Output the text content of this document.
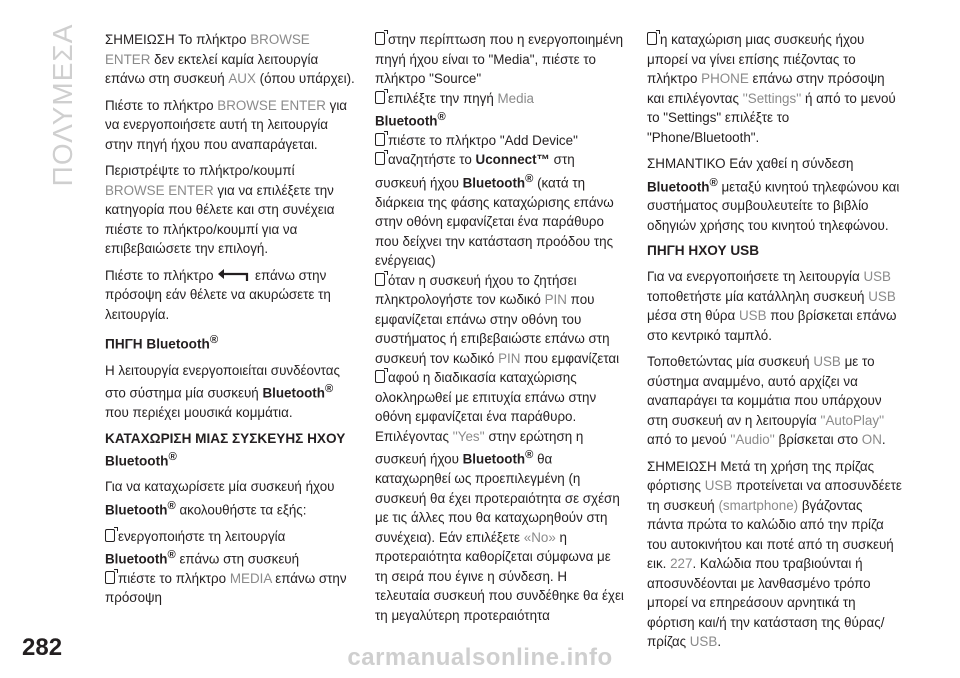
ΠΟΛΥΜΕΣΑ
282	carmanualsonline.info

ΣΗΜΕΙΩΣΗ Το πλήκτρο BROWSE ENTER δεν εκτελεί καμία λειτουργία επάνω στη συσκευή AUX (όπου υπάρχει).

Πιέστε το πλήκτρο BROWSE ENTER για να ενεργοποιήσετε αυτή τη λειτουργία στην πηγή ήχου που αναπαράγεται.

Περιστρέψτε το πλήκτρο/κουμπί BROWSE ENTER για να επιλέξετε την κατηγορία που θέλετε και στη συνέχεια πιέστε το πλήκτρο/κουμπί για να επιβεβαιώσετε την επιλογή.

Πιέστε το πλήκτρο	επάνω στην πρόσοψη εάν θέλετε να ακυρώσετε τη λειτουργία.

ΠΗΓΗ Bluetooth®

Η λειτουργία ενεργοποιείται συνδέοντας στο σύστημα μία συσκευή Bluetooth® που περιέχει μουσικά κομμάτια.

ΚΑΤΑΧΩΡΙΣΗ ΜΙΑΣ ΣΥΣΚΕΥΗΣ ΗΧΟΥ Bluetooth®

Για να καταχωρίσετε μία συσκευή ήχου Bluetooth® ακολουθήστε τα εξής:

ενεργοποιήστε τη λειτουργία
Bluetooth® επάνω στη συσκευή
πιέστε το πλήκτρο MEDIA επάνω στην πρόσοψη
στην περίπτωση που η ενεργοποιημένη πηγή ήχου είναι το "Media", πιέστε το πλήκτρο "Source"
επιλέξτε την πηγή Media
Bluetooth®
πιέστε το πλήκτρο "Add Device"
αναζητήστε το Uconnect™ στη συσκευή ήχου Bluetooth® (κατά τη διάρκεια της φάσης καταχώρισης επάνω στην οθόνη εμφανίζεται ένα παράθυρο που δείχνει την κατάσταση προόδου της ενέργειας)
όταν η συσκευή ήχου το ζητήσει πληκτρολογήστε τον κωδικό PIN που εμφανίζεται επάνω στην οθόνη του συστήματος ή επιβεβαιώστε επάνω στη συσκευή τον κωδικό PIN που εμφανίζεται
αφού η διαδικασία καταχώρισης ολοκληρωθεί με επιτυχία επάνω στην οθόνη εμφανίζεται ένα παράθυρο. Επιλέγοντας ''Yes'' στην ερώτηση η συσκευή ήχου Bluetooth® θα καταχωρηθεί ως προεπιλεγμένη (η συσκευή θα έχει προτεραιότητα σε σχέση με τις άλλες που θα καταχωρηθούν στη συνέχεια). Εάν επιλέξετε «No» η προτεραιότητα καθορίζεται σύμφωνα με τη σειρά που έγινε η σύνδεση. Η τελευταία συσκευή που συνδέθηκε θα έχει τη μεγαλύτερη προτεραιότητα

η καταχώριση μιας συσκευής ήχου μπορεί να γίνει επίσης πιέζοντας το πλήκτρο PHONE επάνω στην πρόσοψη και επιλέγοντας ''Settings'' ή από το μενού το "Settings" επιλέξτε το "Phone/Bluetooth".

ΣΗΜΑΝΤΙΚΟ Εάν χαθεί η σύνδεση Bluetooth® μεταξύ κινητού τηλεφώνου και συστήματος συμβουλευτείτε το βιβλίο οδηγιών χρήσης του κινητού τηλεφώνου.

ΠΗΓΗ ΗΧΟΥ USB

Για να ενεργοποιήσετε τη λειτουργία USB τοποθετήστε μία κατάλληλη συσκευή USB μέσα στη θύρα USB που βρίσκεται επάνω στο κεντρικό ταμπλό.

Τοποθετώντας μία συσκευή USB με το σύστημα αναμμένο, αυτό αρχίζει να αναπαράγει τα κομμάτια που υπάρχουν στη συσκευή αν η λειτουργία ''AutoPlay'' από το μενού ''Audio'' βρίσκεται στο ON.

ΣΗΜΕΙΩΣΗ Μετά τη χρήση της πρίζας φόρτισης USB προτείνεται να αποσυνδέετε τη συσκευή (smartphone) βγάζοντας πάντα πρώτα το καλώδιο από την πρίζα του αυτοκινήτου και ποτέ από τη συσκευή εικ. 227. Καλώδια που τραβιούνται ή αποσυνδέονται με λανθασμένο τρόπο μπορεί να επηρεάσουν αρνητικά τη φόρτιση και/ή την κατάσταση της θύρας/πρίζας USB.
